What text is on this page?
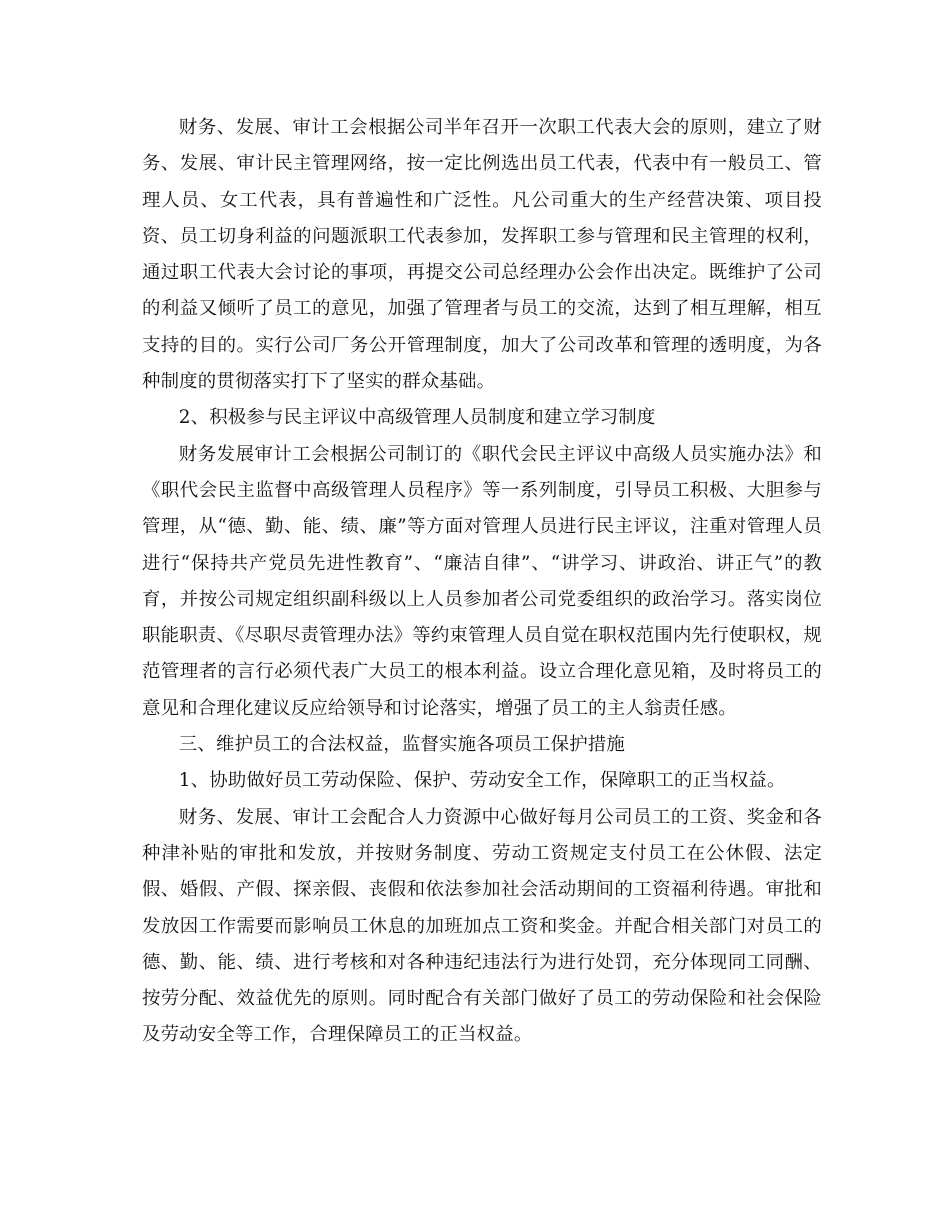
财务、发展、审计工会根据公司半年召开一次职工代表大会的原则，建立了财务、发展、审计民主管理网络，按一定比例选出员工代表，代表中有一般员工、管理人员、女工代表，具有普遍性和广泛性。凡公司重大的生产经营决策、项目投资、员工切身利益的问题派职工代表参加，发挥职工参与管理和民主管理的权利，通过职工代表大会讨论的事项，再提交公司总经理办公会作出决定。既维护了公司的利益又倾听了员工的意见，加强了管理者与员工的交流，达到了相互理解，相互支持的目的。实行公司厂务公开管理制度，加大了公司改革和管理的透明度，为各种制度的贯彻落实打下了坚实的群众基础。

2、积极参与民主评议中高级管理人员制度和建立学习制度

财务发展审计工会根据公司制订的《职代会民主评议中高级人员实施办法》和《职代会民主监督中高级管理人员程序》等一系列制度，引导员工积极、大胆参与管理，从“德、勤、能、绩、廉”等方面对管理人员进行民主评议，注重对管理人员进行“保持共产党员先进性教育”、“廉洁自律”、“讲学习、讲政治、讲正气”的教育，并按公司规定组织副科级以上人员参加者公司党委组织的政治学习。落实岗位职能职责、《尽职尽责管理办法》等约束管理人员自觉在职权范围内先行使职权，规范管理者的言行必须代表广大员工的根本利益。设立合理化意见箱，及时将员工的意见和合理化建议反应给领导和讨论落实，增强了员工的主人翁责任感。

三、维护员工的合法权益，监督实施各项员工保护措施

1、协助做好员工劳动保险、保护、劳动安全工作，保障职工的正当权益。

财务、发展、审计工会配合人力资源中心做好每月公司员工的工资、奖金和各种津补贴的审批和发放，并按财务制度、劳动工资规定支付员工在公休假、法定假、婚假、产假、探亲假、丧假和依法参加社会活动期间的工资福利待遇。审批和发放因工作需要而影响员工休息的加班加点工资和奖金。并配合相关部门对员工的德、勤、能、绩、进行考核和对各种违纪违法行为进行处罚，充分体现同工同酬、按劳分配、效益优先的原则。同时配合有关部门做好了员工的劳动保险和社会保险及劳动安全等工作，合理保障员工的正当权益。
